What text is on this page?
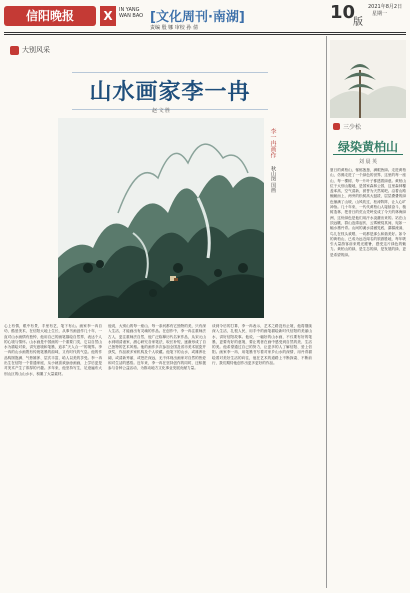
信阳晚报	X	IN YANG
WAN BAO [文化周刊·南湖]	10
版
2021年8月2日
星期一
责编 殷 娜 审校 孙 倩
大别风采
山水画家李一冉
赵 文 胜
李一冉画作
秋山图 国画
心上有情，眼中有景，手里有艺，笔下有山。画家李一冉自幼，酷爱美术，在信阳大地上生长，从事书画创作几十年，一直对山水画情有独钟，他用自己的画笔描绘自然界，表达个人的心境与情怀。山水画是中国画的一个重要门类，它以自然山水为描绘对象，讲究意境和笔墨，追求“天人合一”的境界。李一冉的山水画既有传统笔墨的韵味，又有时代的气息。他的作品构图饱满、气势雄浑、层次丰富，给人以美的享受。李一冉出生在信阳一个普通家庭，从小就喜欢涂涂画画，上学后更是对美术产生了浓厚的兴趣。多年来，他坚持写生，足迹遍布大别山区的山山水水，积累了大量素材。
他说，大别山的每一座山、每一条河都有它独特的美，只有深入生活，才能画出有灵魂的作品。在创作中，李一冉注重师法古人，更注重师法自然，他广泛临摹历代名家作品，从宋元山水到明清诸家，潜心研究各家笔法，取长补短，逐渐形成了自己独特的艺术风格。他的画作多次参加全国及省市美术展览并获奖，作品被多家机构及个人收藏。他笔下的山水，或雄浑壮阔，或清新秀丽，或苍茫深远，无不体现出画家对自然的热爱和对生活的感悟。近年来，李一冉在坚持创作的同时，还积极参与各种公益活动，为推动地方文化事业发展贡献力量。
谈到今后的打算，李一冉表示，艺术之路没有止境，他将继续深入生活，扎根人民，用手中的画笔描绘新时代信阳的美丽山水，讲好信阳故事。他说，一幅好的山水画，不仅要有好的笔墨，更要有好的意境，要让观者在画中感受到自然的美、生活的美。他希望通过自己的努力，让更多的人了解信阳、爱上信阳。画家李一冉，用笔墨书写着对家乡山水的深情，用丹青描绘着对美好生活的向往，他在艺术的道路上不断探索、不断前行，我们期待他创作出更多更好的作品。
三少松
绿染黄柏山
刘 晨 英
夏日的黄柏山，郁郁葱葱，满眼皆绿。走进黄柏山，仿佛走进了一个绿色的世界，这里的每一座山、每一棵树、每一片叶子都透着绿意。黄柏山位于大别山腹地，是国家森林公园，这里森林覆盖率高，空气清新，被誉为天然氧吧。沿着山路蜿蜒而上，两旁的松树高大挺拔，层层叠叠的绿色铺满了山坡，山风吹过，松涛阵阵，让人心旷神怡。几十年来，一代代黄柏山人接续奋斗，植树造林，把昔日的荒山秃岭变成了今天的林海绿洲，这份绿色是他们用汗水浇灌出来的。站在山顶远眺，群山连绵起伏，云雾缭绕其间，宛如一幅水墨丹青。山间的溪水清澈见底，潺潺流淌，鸟儿在枝头欢唱，一切都是那么和谐美好。如今的黄柏山，已成为远近闻名的旅游胜地，每年吸引大量游客前来观光避暑，感受这片绿色的魅力。黄柏山的绿，是生态的绿，是发展的绿，更是希望的绿。
